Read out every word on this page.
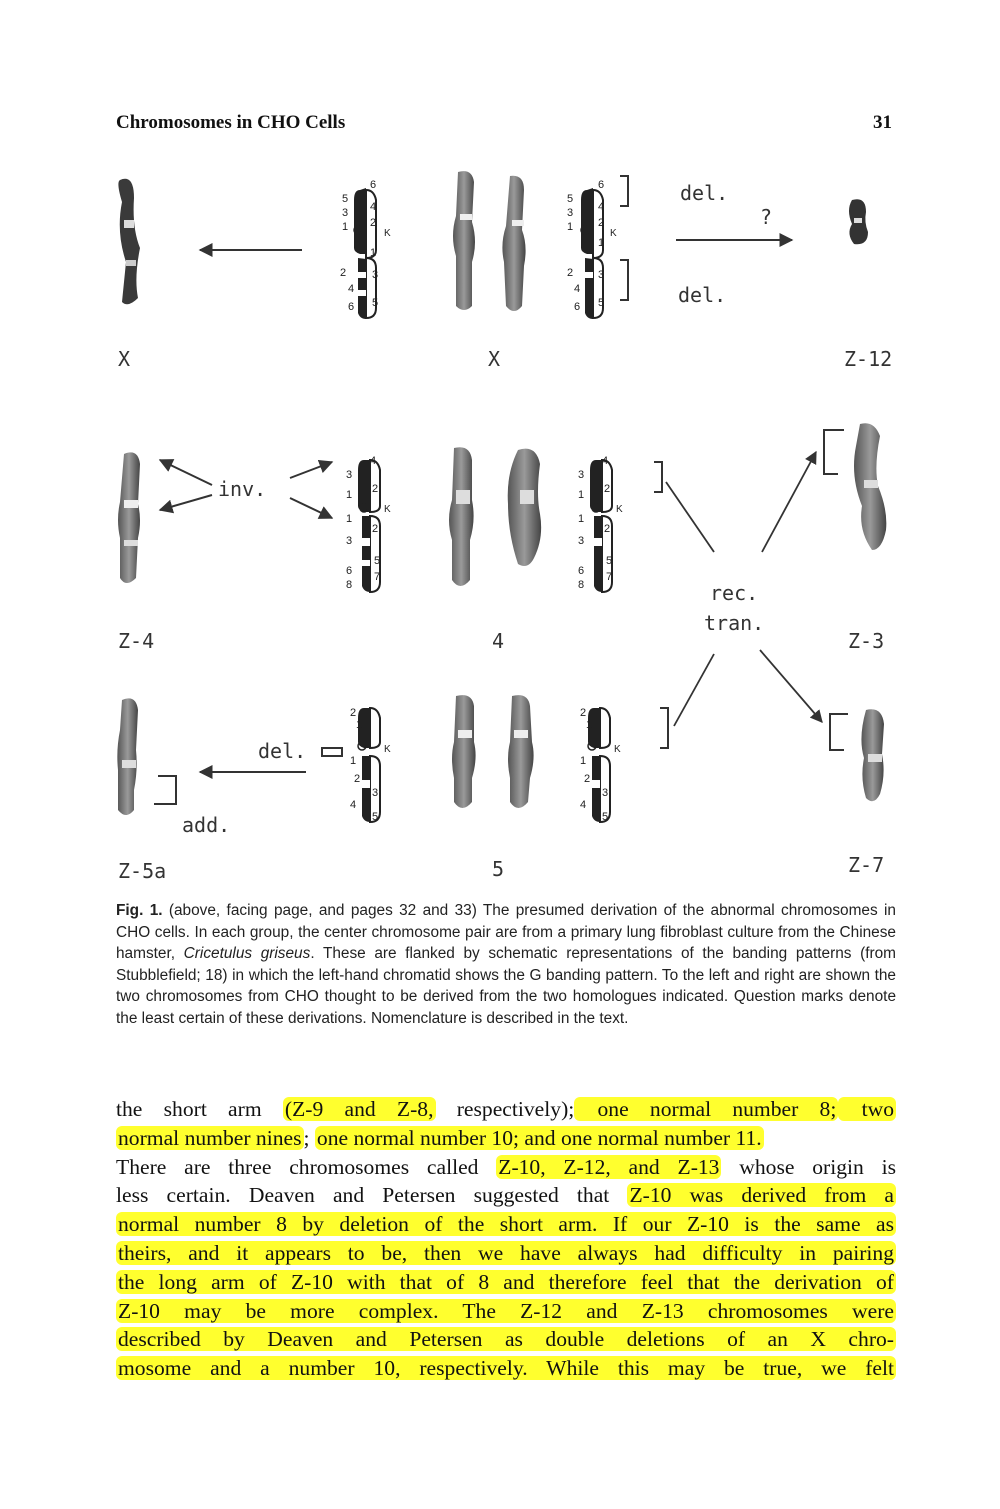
Chromosomes in CHO Cells	31
5
3
1
6
4
2
K
2
4
6
1
3
5
5
3
1
6
4
2
K
2
4
6
1
3
5
del.
del.
?
X	X	Z-12
inv.
3
1
4
2
K
1
3
6
8
2
5
7
3
1
4
2
K
1
3
6
8
2
5
7
rec.
tran.
Z-4	4	Z-3
add.
del.
2
1
K
1
2
4
3
5
2
1
K
1
2
4
3
5
Z-5a	5	Z-7
Fig. 1. (above, facing page, and pages 32 and 33) The presumed derivation of the abnormal chromosomes in CHO cells. In each group, the center chromosome pair are from a primary lung fibroblast culture from the Chinese hamster, Cricetulus griseus. These are flanked by schematic representations of the banding patterns (from Stubblefield; 18) in which the left-hand chromatid shows the G banding pattern. To the left and right are shown the two chromosomes from CHO thought to be derived from the two homologues indicated. Question marks denote the least certain of these derivations. Nomenclature is described in the text.
the short arm (Z-9 and Z-8, respectively); one normal number 8; two
normal number nines; one normal number 10; and one normal number 11.
There are three chromosomes called Z-10, Z-12, and Z-13 whose origin is
less certain. Deaven and Petersen suggested that Z-10 was derived from a
normal number 8 by deletion of the short arm. If our Z-10 is the same as
theirs, and it appears to be, then we have always had difficulty in pairing
the long arm of Z-10 with that of 8 and therefore feel that the derivation of
Z-10 may be more complex. The Z-12 and Z-13 chromosomes were
described by Deaven and Petersen as double deletions of an X chro-
mosome and a number 10, respectively. While this may be true, we felt
